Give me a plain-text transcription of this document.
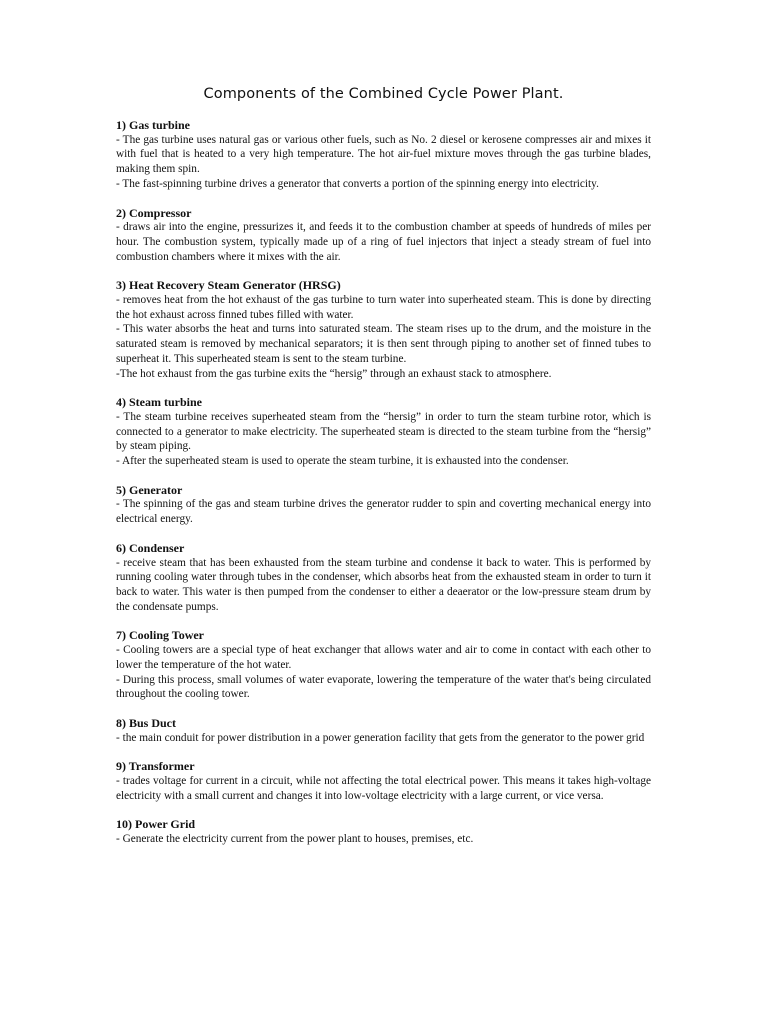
Components of the Combined Cycle Power Plant.
1) Gas turbine
- The gas turbine uses natural gas or various other fuels, such as No. 2 diesel or kerosene compresses air and mixes it with fuel that is heated to a very high temperature. The hot air-fuel mixture moves through the gas turbine blades, making them spin.
- The fast-spinning turbine drives a generator that converts a portion of the spinning energy into electricity.
2) Compressor
- draws air into the engine, pressurizes it, and feeds it to the combustion chamber at speeds of hundreds of miles per hour. The combustion system, typically made up of a ring of fuel injectors that inject a steady stream of fuel into combustion chambers where it mixes with the air.
3) Heat Recovery Steam Generator (HRSG)
- removes heat from the hot exhaust of the gas turbine to turn water into superheated steam. This is done by directing the hot exhaust across finned tubes filled with water.
- This water absorbs the heat and turns into saturated steam. The steam rises up to the drum, and the moisture in the saturated steam is removed by mechanical separators; it is then sent through piping to another set of finned tubes to superheat it. This superheated steam is sent to the steam turbine.
-The hot exhaust from the gas turbine exits the “hersig” through an exhaust stack to atmosphere.
4) Steam turbine
- The steam turbine receives superheated steam from the “hersig” in order to turn the steam turbine rotor, which is connected to a generator to make electricity. The superheated steam is directed to the steam turbine from the “hersig” by steam piping.
- After the superheated steam is used to operate the steam turbine, it is exhausted into the condenser.
5) Generator
- The spinning of the gas and steam turbine drives the generator rudder to spin and coverting mechanical energy into electrical energy.
6) Condenser
- receive steam that has been exhausted from the steam turbine and condense it back to water. This is performed by running cooling water through tubes in the condenser, which absorbs heat from the exhausted steam in order to turn it back to water. This water is then pumped from the condenser to either a deaerator or the low-pressure steam drum by the condensate pumps.
7) Cooling Tower
- Cooling towers are a special type of heat exchanger that allows water and air to come in contact with each other to lower the temperature of the hot water.
- During this process, small volumes of water evaporate, lowering the temperature of the water that's being circulated throughout the cooling tower.
8) Bus Duct
- the main conduit for power distribution in a power generation facility that gets from the generator to the power grid
9) Transformer
- trades voltage for current in a circuit, while not affecting the total electrical power. This means it takes high-voltage electricity with a small current and changes it into low-voltage electricity with a large current, or vice versa.
10) Power Grid
- Generate the electricity current from the power plant to houses, premises, etc.
